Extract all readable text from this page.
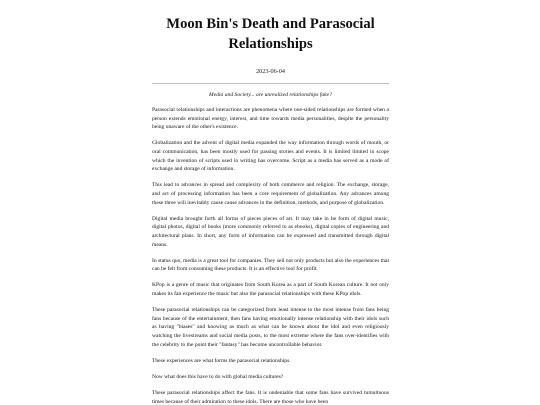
Moon Bin's Death and Parasocial Relationships
2023-06-04

Media and Society... are unrealized relationships fake?

Parasocial relationships and interactions are phenomena where one-sided relationships are formed when a person extends emotional energy, interest, and time towards media personalities, despite the personality being unaware of the other's existence.

Globalization and the advent of digital media expanded the way information through words of mouth, or oral communication, has been mostly used for passing stories and events. It is limited limited in scope which the invention of scripts used in writing has overcome. Script as a media has served as a mode of exchange and storage of information.

This lead to advances in spread and complexity of both commerce and religion. The exchange, storage, and act of processing information has been a core requirement of globalization. Any advances among these three will inevitably cause cause advances in the definition, methods, and purpose of globalization.

Digital media brought forth all forms of pieces pieces of art. It may take in he form of digital music, digital photos, digital of books (more commonly referred to as ebooks), digital copies of engineering and architectural plans. In short, any form of information can be expressed and transmitted through digital means.

In status quo, media is a great tool for companies. They sell not only products but also the experiences that can be felt from consuming these products. It is an effective tool for profit.

KPop is a genre of music that originates from South Korea as a part of South Korean culture. It not only makes its fan experience the music but also the parasocial relationships with these KPop idols.

These parasocial relationships can be categorized from least intense to the most intense from fans being fans because of the entertainment, then fans having emotionally intense relationship with their idols such as having "biases" and knowing as much as what can be known about the idol and even religiously watching the livestreams and social media posts, to the most extreme where the fans over-identifies with the celebrity to the point their "fantasy" has become uncontrollable behavior.

These experiences are what forms the parasocial relationships.

Now what does this have to do with global media cultures?

These parasocial relationships affect the fans. It is undeniable that some fans have survived tumultuous times because of their admiration to these idols. There are those who have been
